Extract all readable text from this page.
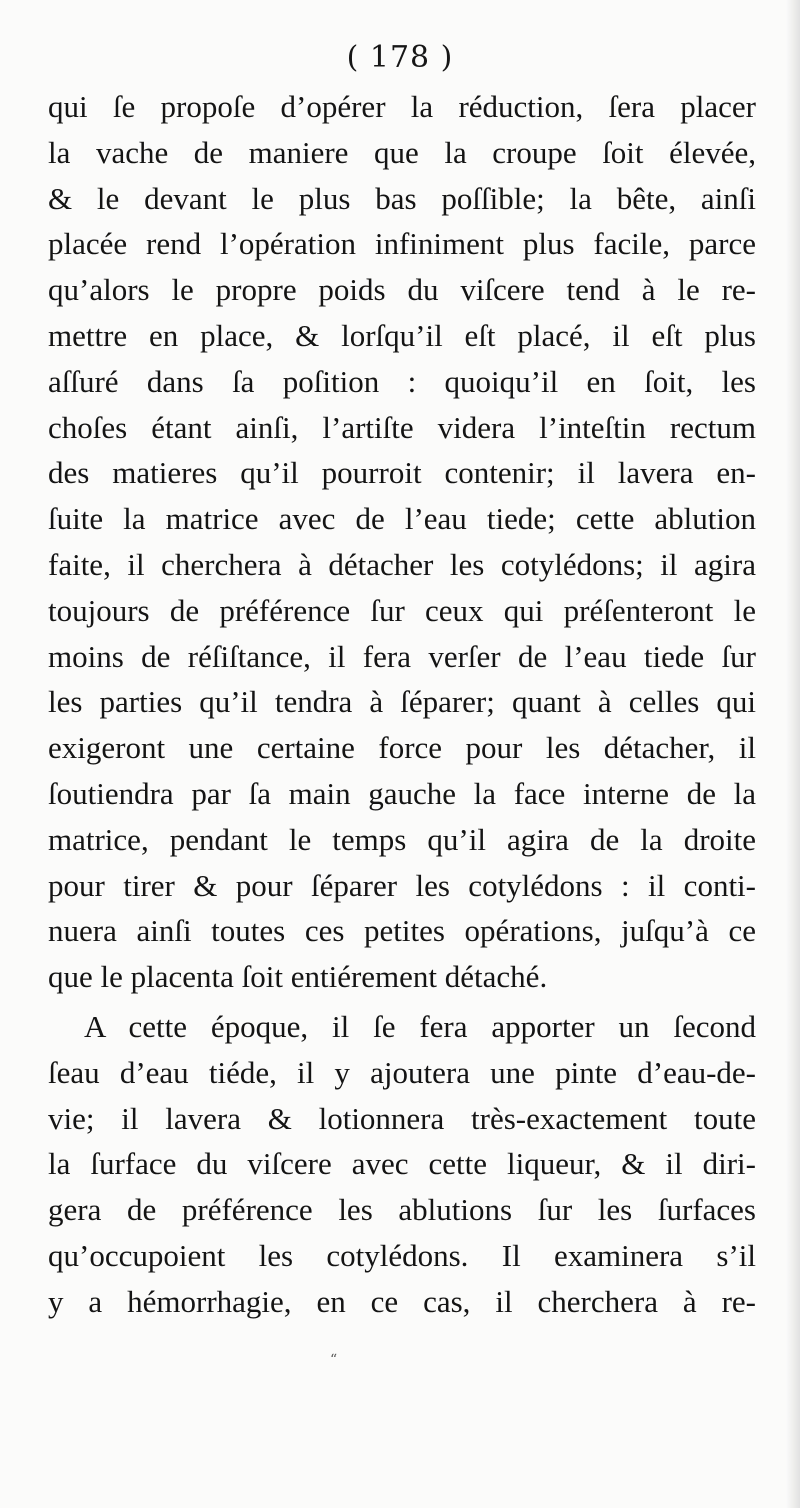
( 178 )
qui ſe propoſe d’opérer la réduction, ſera placer
la vache de maniere que la croupe ſoit élevée,
& le devant le plus bas poſſible; la bête, ainſi
placée rend l’opération infiniment plus facile, parce
qu’alors le propre poids du viſcere tend à le re-
mettre en place, & lorſqu’il eſt placé, il eſt plus
aſſuré dans ſa poſition : quoiqu’il en ſoit, les
choſes étant ainſi, l’artiſte videra l’inteſtin rectum
des matieres qu’il pourroit contenir; il lavera en-
ſuite la matrice avec de l’eau tiede; cette ablution
faite, il cherchera à détacher les cotylédons; il agira
toujours de préférence ſur ceux qui préſenteront le
moins de réſiſtance, il fera verſer de l’eau tiede ſur
les parties qu’il tendra à ſéparer; quant à celles qui
exigeront une certaine force pour les détacher, il
ſoutiendra par ſa main gauche la face interne de la
matrice, pendant le temps qu’il agira de la droite
pour tirer & pour ſéparer les cotylédons : il conti-
nuera ainſi toutes ces petites opérations, juſqu’à ce
que le placenta ſoit entiérement détaché.
A cette époque, il ſe fera apporter un ſecond
ſeau d’eau tiéde, il y ajoutera une pinte d’eau-de-
vie; il lavera & lotionnera très-exactement toute
la ſurface du viſcere avec cette liqueur, & il diri-
gera de préférence les ablutions ſur les ſurfaces
qu’occupoient les cotylédons. Il examinera s’il
y a hémorrhagie, en ce cas, il cherchera à re-
“
